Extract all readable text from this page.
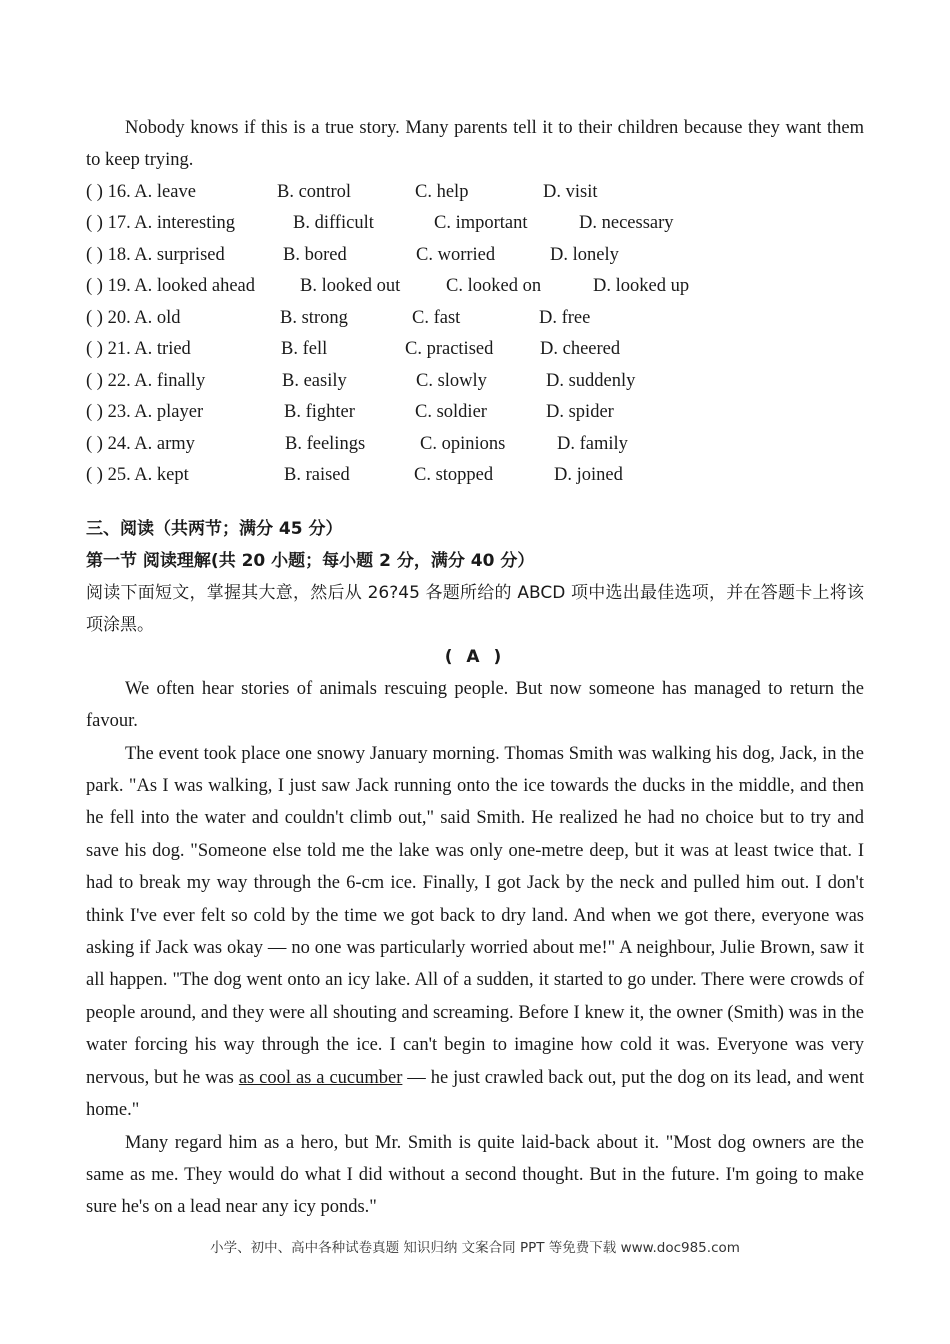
Nobody knows if this is a true story. Many parents tell it to their children because they want them to keep trying.

( ) 16. A. leave	B. control	C. help	D. visit
( ) 17. A. interesting	B. difficult	C. important	D. necessary
( ) 18. A. surprised	B. bored	C. worried	D. lonely
( ) 19. A. looked ahead B. looked out C. looked on	D. looked up
( ) 20. A. old	B. strong	C. fast	D. free
( ) 21. A. tried	B. fell	C. practised	D. cheered
( ) 22. A. finally	B. easily	C. slowly	D. suddenly
( ) 23. A. player	B. fighter	C. soldier	D. spider
( ) 24. A. army	B. feelings	C. opinions	D. family
( ) 25. A. kept	B. raised	C. stopped	D. joined

三、阅读（共两节；满分 45 分）

第一节 阅读理解(共 20 小题；每小题 2 分，满分 40 分）

阅读下面短文，掌握其大意，然后从 26?45 各题所给的 ABCD 项中选出最佳选项，并在答题卡上将该项涂黑。

( A )

We often hear stories of animals rescuing people. But now someone has managed to return the favour.

The event took place one snowy January morning. Thomas Smith was walking his dog, Jack, in the park. "As I was walking, I just saw Jack running onto the ice towards the ducks in the middle, and then he fell into the water and couldn't climb out," said Smith. He realized he had no choice but to try and save his dog. "Someone else told me the lake was only one-metre deep, but it was at least twice that. I had to break my way through the 6-cm ice. Finally, I got Jack by the neck and pulled him out. I don't think I've ever felt so cold by the time we got back to dry land. And when we got there, everyone was asking if Jack was okay — no one was particularly worried about me!" A neighbour, Julie Brown, saw it all happen. "The dog went onto an icy lake. All of a sudden, it started to go under. There were crowds of people around, and they were all shouting and screaming. Before I knew it, the owner (Smith) was in the water forcing his way through the ice. I can't begin to imagine how cold it was. Everyone was very nervous, but he was as cool as a cucumber — he just crawled back out, put the dog on its lead, and went home."

Many regard him as a hero, but Mr. Smith is quite laid-back about it. "Most dog owners are the same as me. They would do what I did without a second thought. But in the future. I'm going to make sure he's on a lead near any icy ponds."

小学、初中、高中各种试卷真题 知识归纳 文案合同 PPT 等免费下载 www.doc985.com
